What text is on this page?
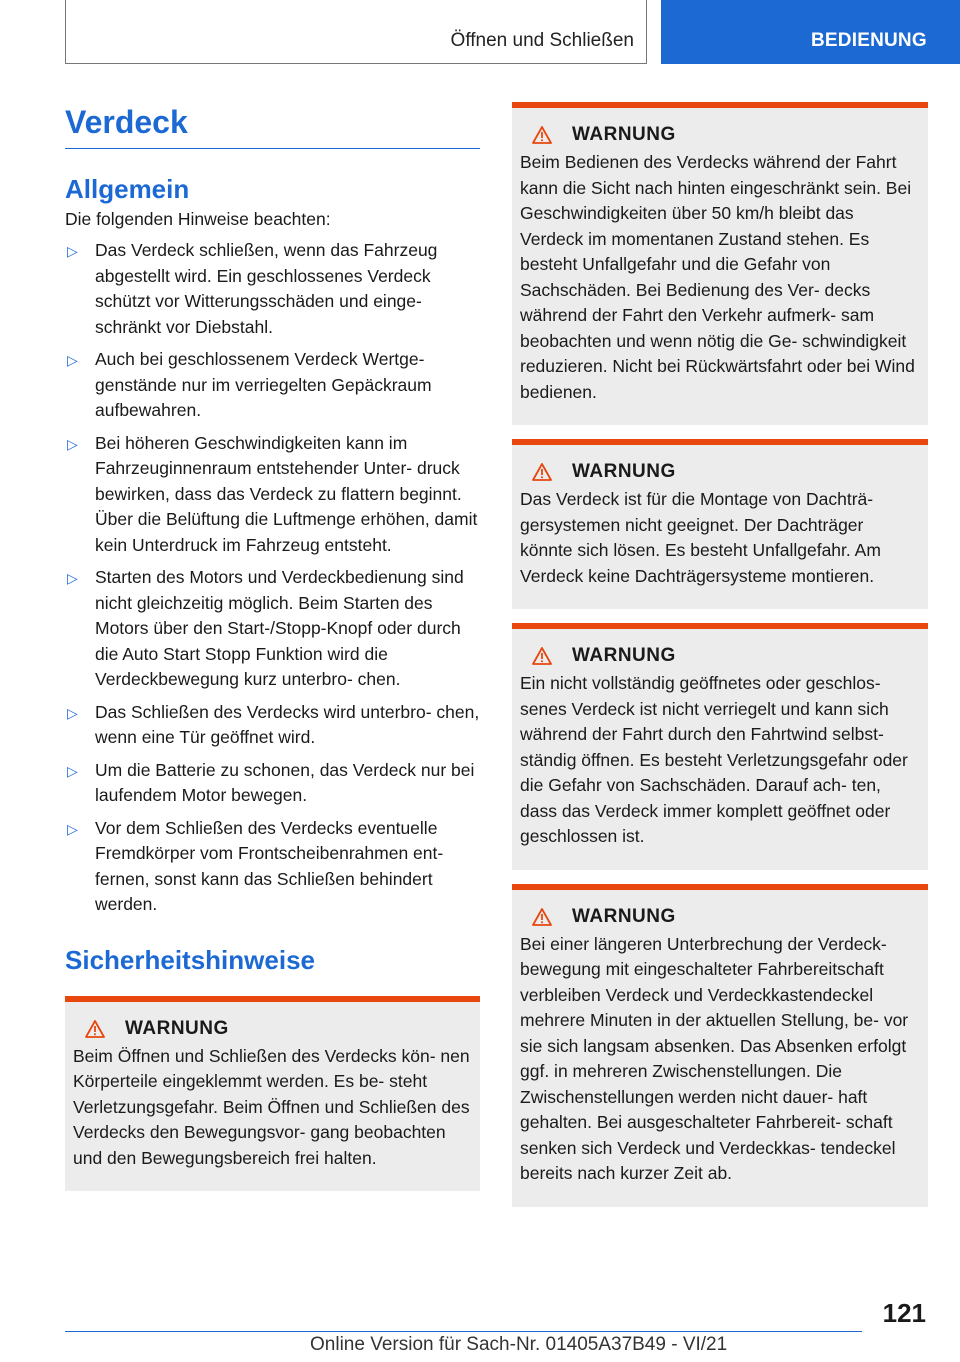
Öffnen und Schließen	BEDIENUNG
Verdeck
Allgemein
Die folgenden Hinweise beachten:
▷ Das Verdeck schließen, wenn das Fahrzeug abgestellt wird. Ein geschlossenes Verdeck schützt vor Witterungsschäden und einge‐ schränkt vor Diebstahl.
▷ Auch bei geschlossenem Verdeck Wertge‐ genstände nur im verriegelten Gepäckraum aufbewahren.
▷ Bei höheren Geschwindigkeiten kann im Fahrzeuginnenraum entstehender Unter‐ druck bewirken, dass das Verdeck zu flattern beginnt. Über die Belüftung die Luftmenge erhöhen, damit kein Unterdruck im Fahrzeug entsteht.
▷ Starten des Motors und Verdeckbedienung sind nicht gleichzeitig möglich. Beim Starten des Motors über den Start-/Stopp-Knopf oder durch die Auto Start Stopp Funktion wird die Verdeckbewegung kurz unterbro‐ chen.
▷ Das Schließen des Verdecks wird unterbro‐ chen, wenn eine Tür geöffnet wird.
▷ Um die Batterie zu schonen, das Verdeck nur bei laufendem Motor bewegen.
▷ Vor dem Schließen des Verdecks eventuelle Fremdkörper vom Frontscheibenrahmen ent‐ fernen, sonst kann das Schließen behindert werden.
Sicherheitshinweise
WARNUNG
Beim Öffnen und Schließen des Verdecks kön‐ nen Körperteile eingeklemmt werden. Es be‐ steht Verletzungsgefahr. Beim Öffnen und Schließen des Verdecks den Bewegungsvor‐ gang beobachten und den Bewegungsbereich frei halten.
WARNUNG
Beim Bedienen des Verdecks während der Fahrt kann die Sicht nach hinten eingeschränkt sein. Bei Geschwindigkeiten über 50 km/h bleibt das Verdeck im momentanen Zustand stehen. Es besteht Unfallgefahr und die Gefahr von Sachschäden. Bei Bedienung des Ver‐ decks während der Fahrt den Verkehr aufmerk‐ sam beobachten und wenn nötig die Ge‐ schwindigkeit reduzieren. Nicht bei Rückwärtsfahrt oder bei Wind bedienen.
WARNUNG
Das Verdeck ist für die Montage von Dachträ‐ gersystemen nicht geeignet. Der Dachträger könnte sich lösen. Es besteht Unfallgefahr. Am Verdeck keine Dachträgersysteme montieren.
WARNUNG
Ein nicht vollständig geöffnetes oder geschlos‐ senes Verdeck ist nicht verriegelt und kann sich während der Fahrt durch den Fahrtwind selbst‐ ständig öffnen. Es besteht Verletzungsgefahr oder die Gefahr von Sachschäden. Darauf ach‐ ten, dass das Verdeck immer komplett geöffnet oder geschlossen ist.
WARNUNG
Bei einer längeren Unterbrechung der Verdeck‐ bewegung mit eingeschalteter Fahrbereitschaft verbleiben Verdeck und Verdeckkastendeckel mehrere Minuten in der aktuellen Stellung, be‐ vor sie sich langsam absenken. Das Absenken erfolgt ggf. in mehreren Zwischenstellungen. Die Zwischenstellungen werden nicht dauer‐ haft gehalten. Bei ausgeschalteter Fahrbereit‐ schaft senken sich Verdeck und Verdeckkas‐ tendeckel bereits nach kurzer Zeit ab.
121
Online Version für Sach-Nr. 01405A37B49 - VI/21
